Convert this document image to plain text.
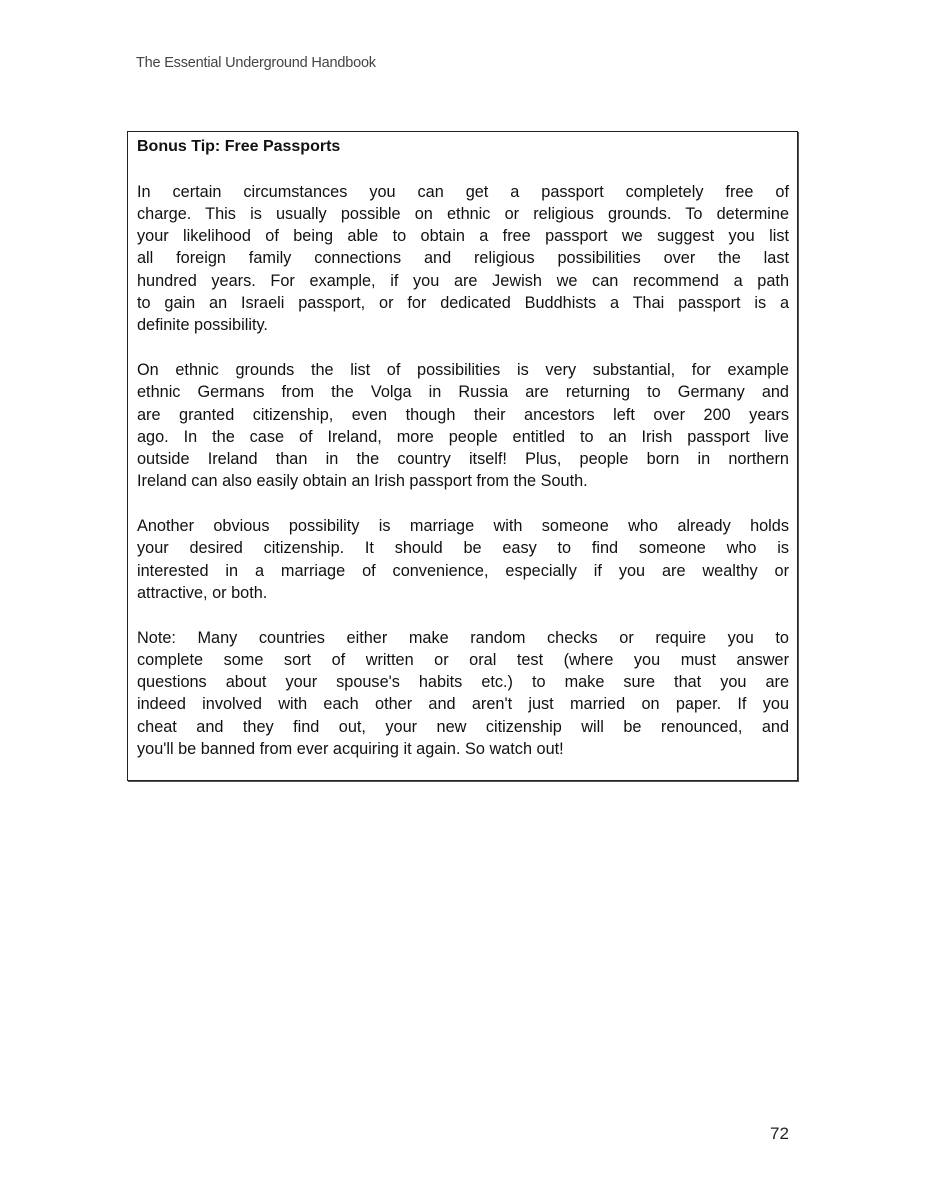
The Essential Underground Handbook
Bonus Tip: Free Passports
In certain circumstances you can get a passport completely free of
charge. This is usually possible on ethnic or religious grounds. To determine
your likelihood of being able to obtain a free passport we suggest you list
all foreign family connections and religious possibilities over the last
hundred years. For example, if you are Jewish we can recommend a path
to gain an Israeli passport, or for dedicated Buddhists a Thai passport is a
definite possibility.
On ethnic grounds the list of possibilities is very substantial, for example
ethnic Germans from the Volga in Russia are returning to Germany and
are granted citizenship, even though their ancestors left over 200 years
ago. In the case of Ireland, more people entitled to an Irish passport live
outside Ireland than in the country itself! Plus, people born in northern
Ireland can also easily obtain an Irish passport from the South.
Another obvious possibility is marriage with someone who already holds
your desired citizenship. It should be easy to find someone who is
interested in a marriage of convenience, especially if you are wealthy or
attractive, or both.
Note: Many countries either make random checks or require you to
complete some sort of written or oral test (where you must answer
questions about your spouse's habits etc.) to make sure that you are
indeed involved with each other and aren't just married on paper. If you
cheat and they find out, your new citizenship will be renounced, and
you'll be banned from ever acquiring it again. So watch out!
72
